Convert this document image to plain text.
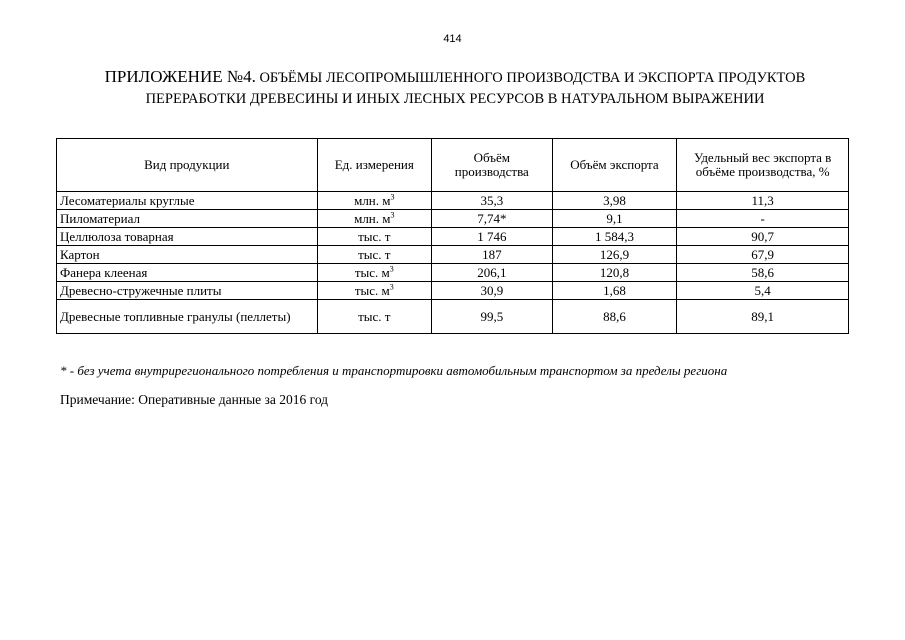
414
ПРИЛОЖЕНИЕ №4. ОБЪЁМЫ ЛЕСОПРОМЫШЛЕННОГО ПРОИЗВОДСТВА И ЭКСПОРТА ПРОДУКТОВ ПЕРЕРАБОТКИ ДРЕВЕСИНЫ И ИНЫХ ЛЕСНЫХ РЕСУРСОВ В НАТУРАЛЬНОМ ВЫРАЖЕНИИ
Вид продукции	Ед. измерения	Объём производства	Объём экспорта	Удельный вес экспорта в объёме производства, %
Лесоматериалы круглые	млн. $м^3$	35,3	3,98	11,3
Пиломатериал	млн. $м^3$	7,74*	9,1	-
Целлюлоза товарная	тыс. т	1 746	1 584,3	90,7
Картон	тыс. т	187	126,9	67,9
Фанера клееная	тыс. $м^3$	206,1	120,8	58,6
Древесно-стружечные плиты	тыс. $м^3$	30,9	1,68	5,4
Древесные топливные гранулы (пеллеты)	тыс. т	99,5	88,6	89,1
* - без учета внутрирегионального потребления и транспортировки автомобильным транспортом за пределы региона
Примечание: Оперативные данные за 2016 год
